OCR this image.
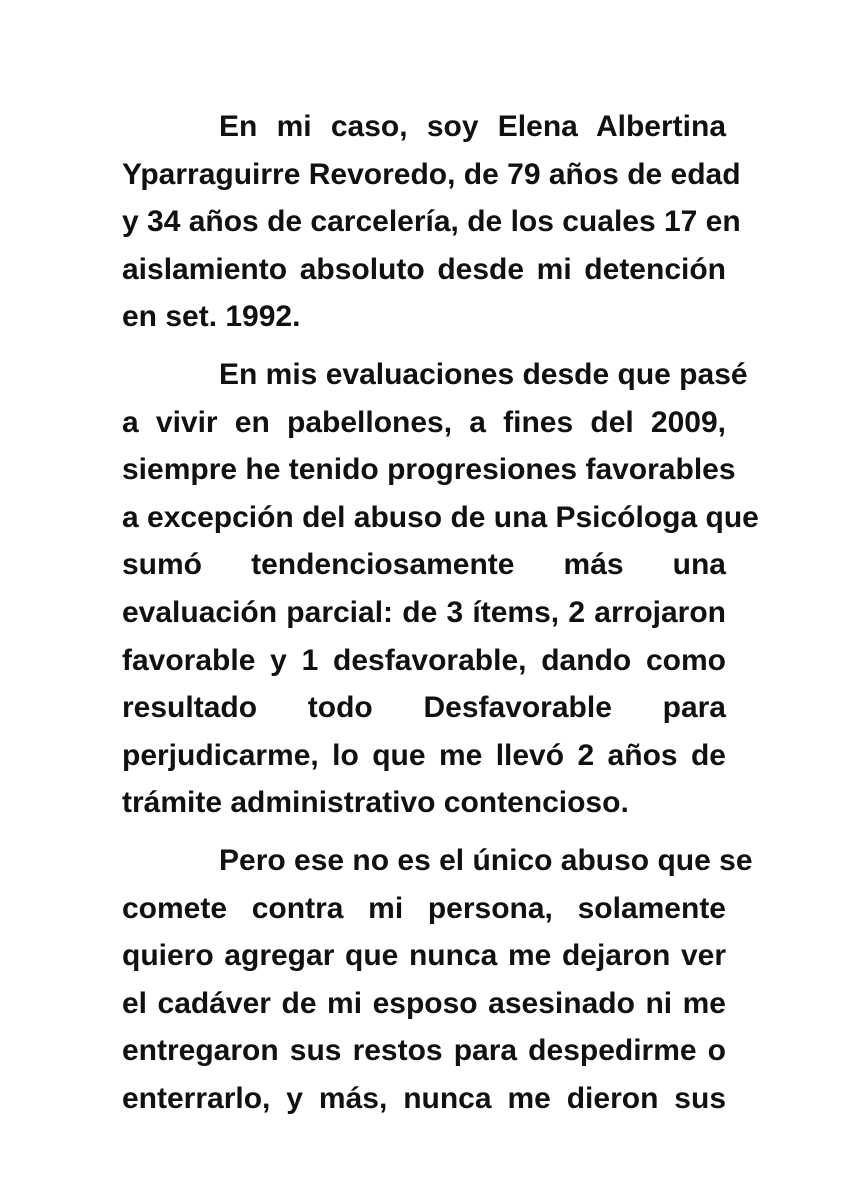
En mi caso, soy Elena Albertina
Yparraguirre Revoredo, de 79 años de edad
y 34 años de carcelería, de los cuales 17 en
aislamiento absoluto desde mi detención
en set. 1992.

En mis evaluaciones desde que pasé
a vivir en pabellones, a fines del 2009,
siempre he tenido progresiones favorables
a excepción del abuso de una Psicóloga que
sumó tendenciosamente más una
evaluación parcial: de 3 ítems, 2 arrojaron
favorable y 1 desfavorable, dando como
resultado todo Desfavorable para
perjudicarme, lo que me llevó 2 años de
trámite administrativo contencioso.

Pero ese no es el único abuso que se
comete contra mi persona, solamente
quiero agregar que nunca me dejaron ver
el cadáver de mi esposo asesinado ni me
entregaron sus restos para despedirme o
enterrarlo, y más, nunca me dieron sus
